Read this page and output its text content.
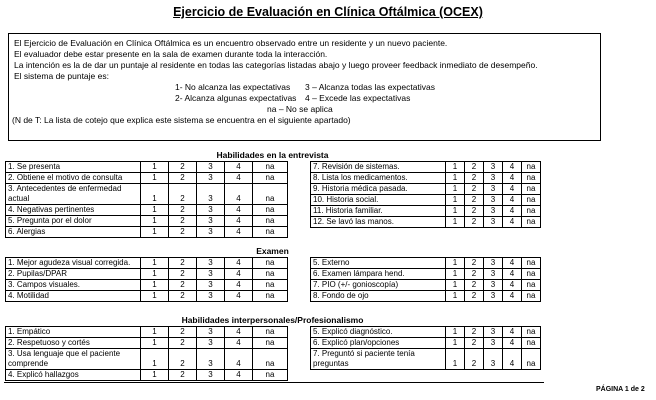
Ejercicio de Evaluación en Clínica Oftálmica (OCEX)
El Ejercicio de Evaluación en Clínica Oftálmica es un encuentro observado entre un residente y un nuevo paciente.
El evaluador debe estar presente en la sala de examen durante toda la interacción.
La intención es la de dar un puntaje al residente en todas las categorías listadas abajo y luego proveer feedback inmediato de desempeño.
El sistema de puntaje es:
1- No alcanza las expectativas 3 – Alcanza todas las expectativas
2- Alcanza algunas expectativas 4 – Excede las expectativas
na – No se aplica
(N de T: La lista de cotejo que explica este sistema se encuentra en el siguiente apartado)
Habilidades en la entrevista
1. Se presenta	1	2	3	4	na
2. Obtiene el motivo de consulta	1	2	3	4	na
3. Antecedentes de enfermedad actual	1	2	3	4	na
4. Negativas pertinentes	1	2	3	4	na
5. Pregunta por el dolor	1	2	3	4	na
6. Alergias	1	2	3	4	na
7. Revisión de sistemas.	1	2	3	4	na
8. Lista los medicamentos.	1	2	3	4	na
9. Historia médica pasada.	1	2	3	4	na
10. Historia social.	1	2	3	4	na
11. Historia familiar.	1	2	3	4	na
12. Se lavó las manos.	1	2	3	4	na
Examen
1. Mejor agudeza visual corregida.	1	2	3	4	na
2. Pupilas/DPAR	1	2	3	4	na
3. Campos visuales.	1	2	3	4	na
4. Motilidad	1	2	3	4	na
5. Externo	1	2	3	4	na
6. Examen lámpara hend.	1	2	3	4	na
7. PIO (+/- gonioscopía)	1	2	3	4	na
8. Fondo de ojo	1	2	3	4	na
Habilidades interpersonales/Profesionalismo
1. Empático	1	2	3	4	na
2. Respetuoso y cortés	1	2	3	4	na
3. Usa lenguaje que el paciente comprende	1	2	3	4	na
4. Explicó hallazgos	1	2	3	4	na
5. Explicó diagnóstico.	1	2	3	4	na
6. Explicó plan/opciones	1	2	3	4	na
7. Preguntó si paciente tenía preguntas	1	2	3	4	na
PÁGINA 1 de 2
